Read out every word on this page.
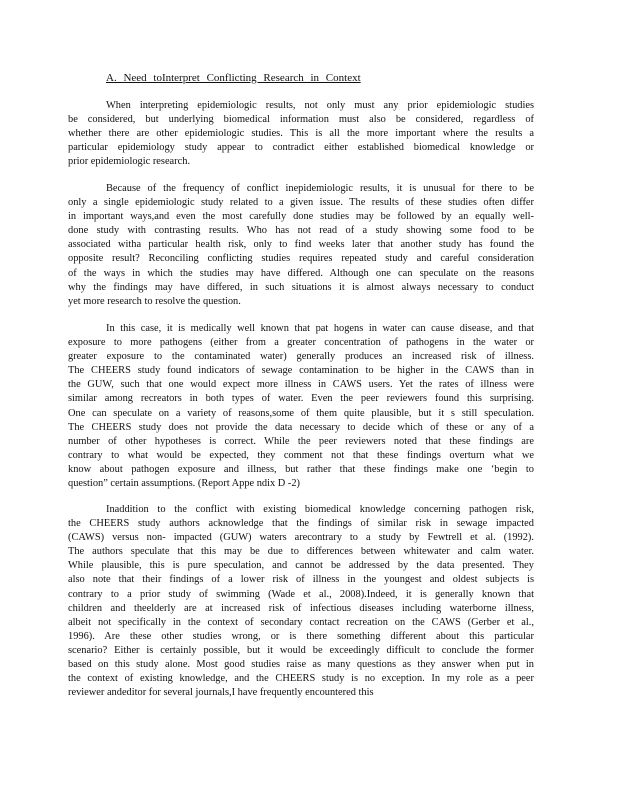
A. Need toInterpret Conflicting Research in Context
When interpreting epidemiologic results, not only must any prior epidemiologic studies
be considered, but underlying biomedical information must also be considered, regardless of
whether there are other epidemiologic studies. This is all the more important where the results a
particular epidemiology study appear to contradict either established biomedical knowledge or
prior epidemiologic research.
Because of the frequency of conflict inepidemiologic results, it is unusual for there to be
only a single epidemiologic study related to a given issue. The results of these studies often differ
in important ways,and even the most carefully done studies may be followed by an equally well-
done study with contrasting results. Who has not read of a study showing some food to be
associated witha particular health risk, only to find weeks later that another study has found the
opposite result? Reconciling conflicting studies requires repeated study and careful consideration
of the ways in which the studies may have differed. Although one can speculate on the reasons
why the findings may have differed, in such situations it is almost always necessary to conduct
yet more research to resolve the question.
In this case, it is medically well known that pat hogens in water can cause disease, and that
exposure to more pathogens (either from a greater concentration of pathogens in the water or
greater exposure to the contaminated water) generally produces an increased risk of illness.
The CHEERS study found indicators of sewage contamination to be higher in the CAWS than in
the GUW, such that one would expect more illness in CAWS users. Yet the rates of illness were
similar among recreators in both types of water. Even the peer reviewers found this surprising.
One can speculate on a variety of reasons,some of them quite plausible, but it s still speculation.
The CHEERS study does not provide the data necessary to decide which of these or any of a
number of other hypotheses is correct. While the peer reviewers noted that these findings are
contrary to what would be expected, they comment not that these findings overturn what we
know about pathogen exposure and illness, but rather that these findings make one ‘begin to
question” certain assumptions. (Report Appe ndix D -2)
Inaddition to the conflict with existing biomedical knowledge concerning pathogen risk,
the CHEERS study authors acknowledge that the findings of similar risk in sewage impacted
(CAWS) versus non- impacted (GUW) waters arecontrary to a study by Fewtrell et al. (1992).
The authors speculate that this may be due to differences between whitewater and calm water.
While plausible, this is pure speculation, and cannot be addressed by the data presented. They
also note that their findings of a lower risk of illness in the youngest and oldest subjects is
contrary to a prior study of swimming (Wade et al., 2008).Indeed, it is generally known that
children and theelderly are at increased risk of infectious diseases including waterborne illness,
albeit not specifically in the context of secondary contact recreation on the CAWS (Gerber et al.,
1996). Are these other studies wrong, or is there something different about this particular
scenario? Either is certainly possible, but it would be exceedingly difficult to conclude the former
based on this study alone. Most good studies raise as many questions as they answer when put in
the context of existing knowledge, and the CHEERS study is no exception. In my role as a peer
reviewer andeditor for several journals,I have frequently encountered this
